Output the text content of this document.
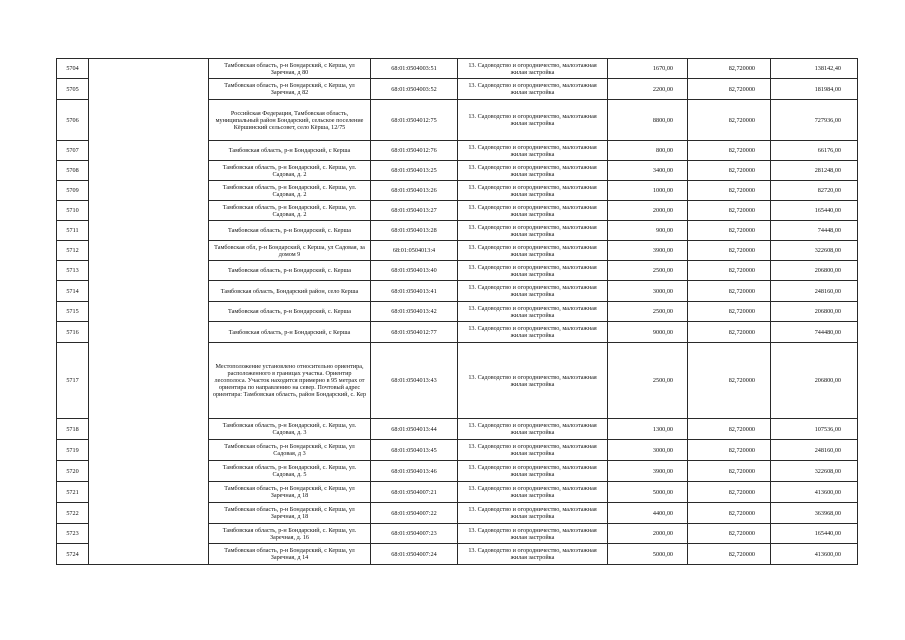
5704		Тамбовская область, р-н Бондарский, с Керша, ул Заречная, д 80	68:01:0504003:51	13. Садоводство и огородничество, малоэтажная жилая застройка	1670,00	82,720000	138142,40
5705		Тамбовская область, р-н Бондарский, с Керша, ул Заречная, д 82	68:01:0504003:52	13. Садоводство и огородничество, малоэтажная жилая застройка	2200,00	82,720000	181984,00
5706		Российская Федерация, Тамбовская область, муниципальный район Бондарский, сельское поселение Кёршинский сельсовет, село Кёрша, 12/75	68:01:0504012:75	13. Садоводство и огородничество, малоэтажная жилая застройка	8800,00	82,720000	727936,00
5707		Тамбовская область, р-н Бондарский, с Керша	68:01:0504012:76	13. Садоводство и огородничество, малоэтажная жилая застройка	800,00	82,720000	66176,00
5708		Тамбовская область, р-н Бондарский, с. Керша, ул. Садовая, д. 2	68:01:0504013:25	13. Садоводство и огородничество, малоэтажная жилая застройка	3400,00	82,720000	281248,00
5709		Тамбовская область, р-н Бондарский, с. Керша, ул. Садовая, д. 2	68:01:0504013:26	13. Садоводство и огородничество, малоэтажная жилая застройка	1000,00	82,720000	82720,00
5710		Тамбовская область, р-н Бондарский, с. Керша, ул. Садовая, д. 2	68:01:0504013:27	13. Садоводство и огородничество, малоэтажная жилая застройка	2000,00	82,720000	165440,00
5711		Тамбовская область, р-н Бондарский, с. Керша	68:01:0504013:28	13. Садоводство и огородничество, малоэтажная жилая застройка	900,00	82,720000	74448,00
5712		Тамбовская обл, р-н Бондарский, с Керша, ул Садовая, за домом 9	68:01:0504013:4	13. Садоводство и огородничество, малоэтажная жилая застройка	3900,00	82,720000	322608,00
5713		Тамбовская область, р-н Бондарский, с. Керша	68:01:0504013:40	13. Садоводство и огородничество, малоэтажная жилая застройка	2500,00	82,720000	206800,00
5714		Тамбовская область, Бондарский район, село Керша	68:01:0504013:41	13. Садоводство и огородничество, малоэтажная жилая застройка	3000,00	82,720000	248160,00
5715		Тамбовская область, р-н Бондарский, с. Керша	68:01:0504013:42	13. Садоводство и огородничество, малоэтажная жилая застройка	2500,00	82,720000	206800,00
5716		Тамбовская область, р-н Бондарский, с Керша	68:01:0504012:77	13. Садоводство и огородничество, малоэтажная жилая застройка	9000,00	82,720000	744480,00
5717		Местоположение установлено относительно ориентира, расположенного в границах участка. Ориентир лесополоса. Участок находится примерно в 95 метрах от ориентира по направлению на север. Почтовый адрес ориентира: Тамбовская область, район Бондарский, с. Кер	68:01:0504013:43	13. Садоводство и огородничество, малоэтажная жилая застройка	2500,00	82,720000	206800,00
5718		Тамбовская область, р-н Бондарский, с. Керша, ул. Садовая, д. 3	68:01:0504013:44	13. Садоводство и огородничество, малоэтажная жилая застройка	1300,00	82,720000	107536,00
5719		Тамбовская область, р-н Бондарский, с Керша, ул Садовая, д 3	68:01:0504013:45	13. Садоводство и огородничество, малоэтажная жилая застройка	3000,00	82,720000	248160,00
5720		Тамбовская область, р-н Бондарский, с. Керша, ул. Садовая, д. 5	68:01:0504013:46	13. Садоводство и огородничество, малоэтажная жилая застройка	3900,00	82,720000	322608,00
5721		Тамбовская область, р-н Бондарский, с Керша, ул Заречная, д 18	68:01:0504007:21	13. Садоводство и огородничество, малоэтажная жилая застройка	5000,00	82,720000	413600,00
5722		Тамбовская область, р-н Бондарский, с Керша, ул Заречная, д 18	68:01:0504007:22	13. Садоводство и огородничество, малоэтажная жилая застройка	4400,00	82,720000	363968,00
5723		Тамбовская область, р-н Бондарский, с. Керша, ул. Заречная, д. 16	68:01:0504007:23	13. Садоводство и огородничество, малоэтажная жилая застройка	2000,00	82,720000	165440,00
5724		Тамбовская область, р-н Бондарский, с Керша, ул Заречная, д 14	68:01:0504007:24	13. Садоводство и огородничество, малоэтажная жилая застройка	5000,00	82,720000	413600,00
